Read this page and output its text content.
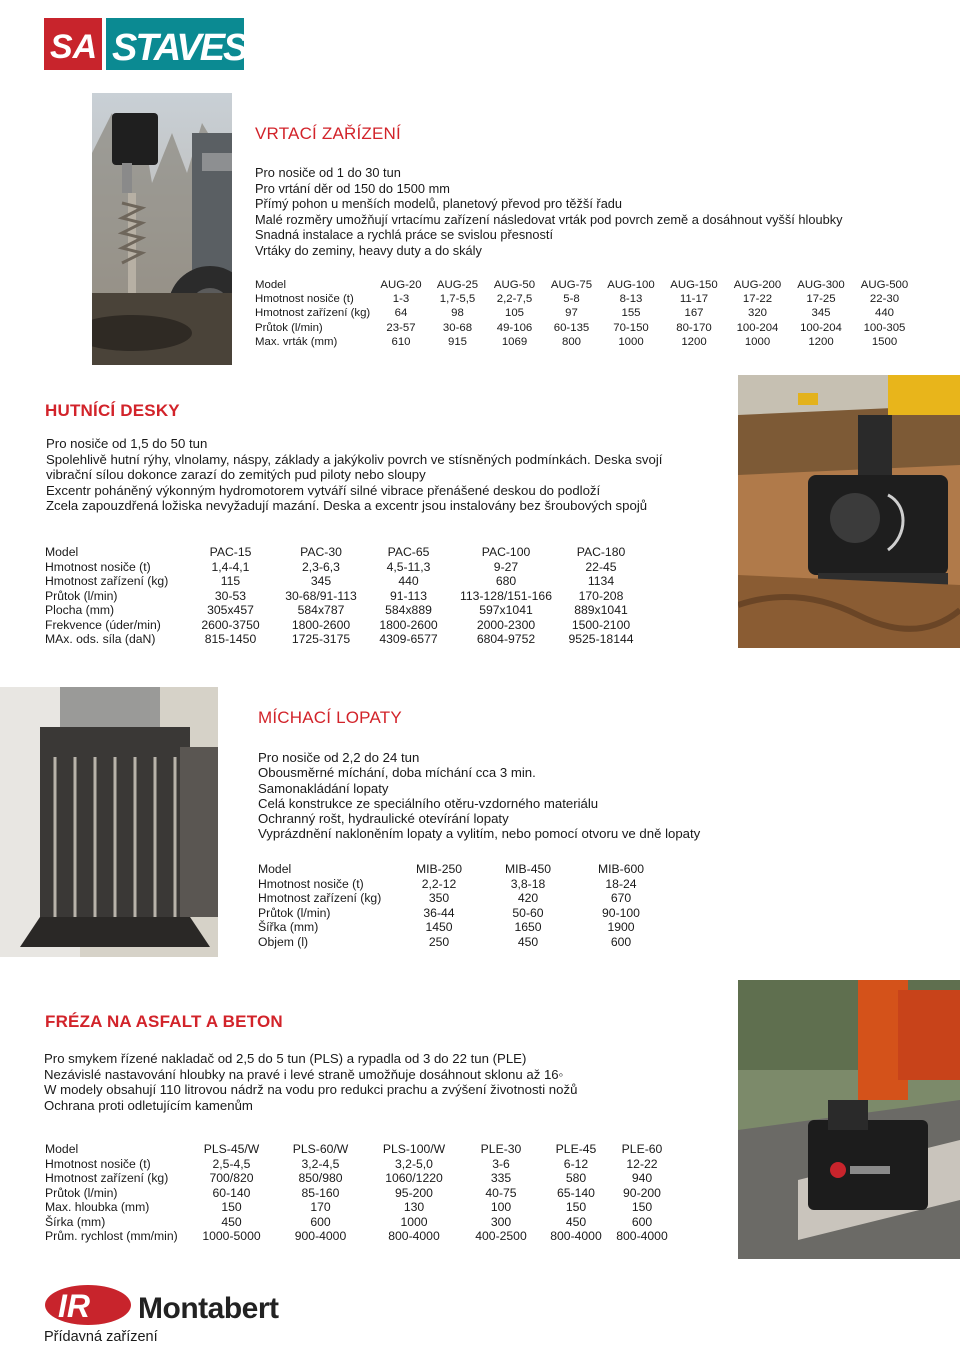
SA STAVES
VRTACÍ ZAŘÍZENÍ
Pro nosiče od 1 do 30 tun
Pro vrtání děr od 150 do 1500 mm
Přímý pohon u menších modelů, planetový převod pro těžší řadu
Malé rozměry umožňují vrtacímu zařízení následovat vrták pod povrch země a dosáhnout vyšší hloubky
Snadná instalace a rychlá práce se svislou přesností
Vrtáky do zeminy, heavy duty a do skály
Model	AUG-20	AUG-25	AUG-50	AUG-75	AUG-100	AUG-150	AUG-200	AUG-300	AUG-500
Hmotnost nosiče (t)	1-3	1,7-5,5	2,2-7,5	5-8	8-13	11-17	17-22	17-25	22-30
Hmotnost zařízení (kg)	64	98	105	97	155	167	320	345	440
Průtok (l/min)	23-57	30-68	49-106	60-135	70-150	80-170	100-204	100-204	100-305
Max. vrták (mm)	610	915	1069	800	1000	1200	1000	1200	1500
HUTNÍCÍ DESKY
Pro nosiče od 1,5 do 50 tun
Spolehlivě hutní rýhy, vlnolamy, náspy, základy a jakýkoliv povrch ve stísněných podmínkách. Deska svojí
vibrační sílou dokonce zarazí do zemitých pud piloty nebo sloupy
Excentr poháněný výkonným hydromotorem vytváří silné vibrace přenášené deskou do podloží
Zcela zapouzdřená ložiska nevyžadují mazání. Deska a excentr jsou instalovány bez šroubových spojů
Model	PAC-15	PAC-30	PAC-65	PAC-100	PAC-180
Hmotnost nosiče (t)	1,4-4,1	2,3-6,3	4,5-11,3	9-27	22-45
Hmotnost zařízení (kg)	115	345	440	680	1134
Průtok (l/min)	30-53	30-68/91-113	91-113	113-128/151-166	170-208
Plocha (mm)	305x457	584x787	584x889	597x1041	889x1041
Frekvence (úder/min)	2600-3750	1800-2600	1800-2600	2000-2300	1500-2100
MAx. ods. síla (daN)	815-1450	1725-3175	4309-6577	6804-9752	9525-18144
MÍCHACÍ LOPATY
Pro nosiče od 2,2 do 24 tun
Obousměrné míchání, doba míchání cca 3 min.
Samonakládání lopaty
Celá konstrukce ze speciálního otěru-vzdorného materiálu
Ochranný rošt, hydraulické otevírání lopaty
Vyprázdnění nakloněním lopaty a vylitím, nebo pomocí otvoru ve dně lopaty
Model	MIB-250	MIB-450	MIB-600
Hmotnost nosiče (t)	2,2-12	3,8-18	18-24
Hmotnost zařízení (kg)	350	420	670
Průtok (l/min)	36-44	50-60	90-100
Šířka (mm)	1450	1650	1900
Objem (l)	250	450	600
FRÉZA NA ASFALT A BETON
Pro smykem řízené nakladač od 2,5 do 5 tun (PLS) a rypadla od 3 do 22 tun (PLE)
Nezávislé nastavování hloubky na pravé i levé straně umožňuje dosáhnout sklonu až 16◦
W modely obsahují 110 litrovou nádrž na vodu pro redukci prachu a zvýšení životnosti nožů
Ochrana proti odletujícím kamenům
Model	PLS-45/W	PLS-60/W	PLS-100/W	PLE-30	PLE-45	PLE-60
Hmotnost nosiče (t)	2,5-4,5	3,2-4,5	3,2-5,0	3-6	6-12	12-22
Hmotnost zařízení (kg)	700/820	850/980	1060/1220	335	580	940
Průtok (l/min)	60-140	85-160	95-200	40-75	65-140	90-200
Max. hloubka (mm)	150	170	130	100	150	150
Šírka (mm)	450	600	1000	300	450	600
Prům. rychlost (mm/min)	1000-5000	900-4000	800-4000	400-2500	800-4000	800-4000
IR Montabert
Přídavná zařízení
